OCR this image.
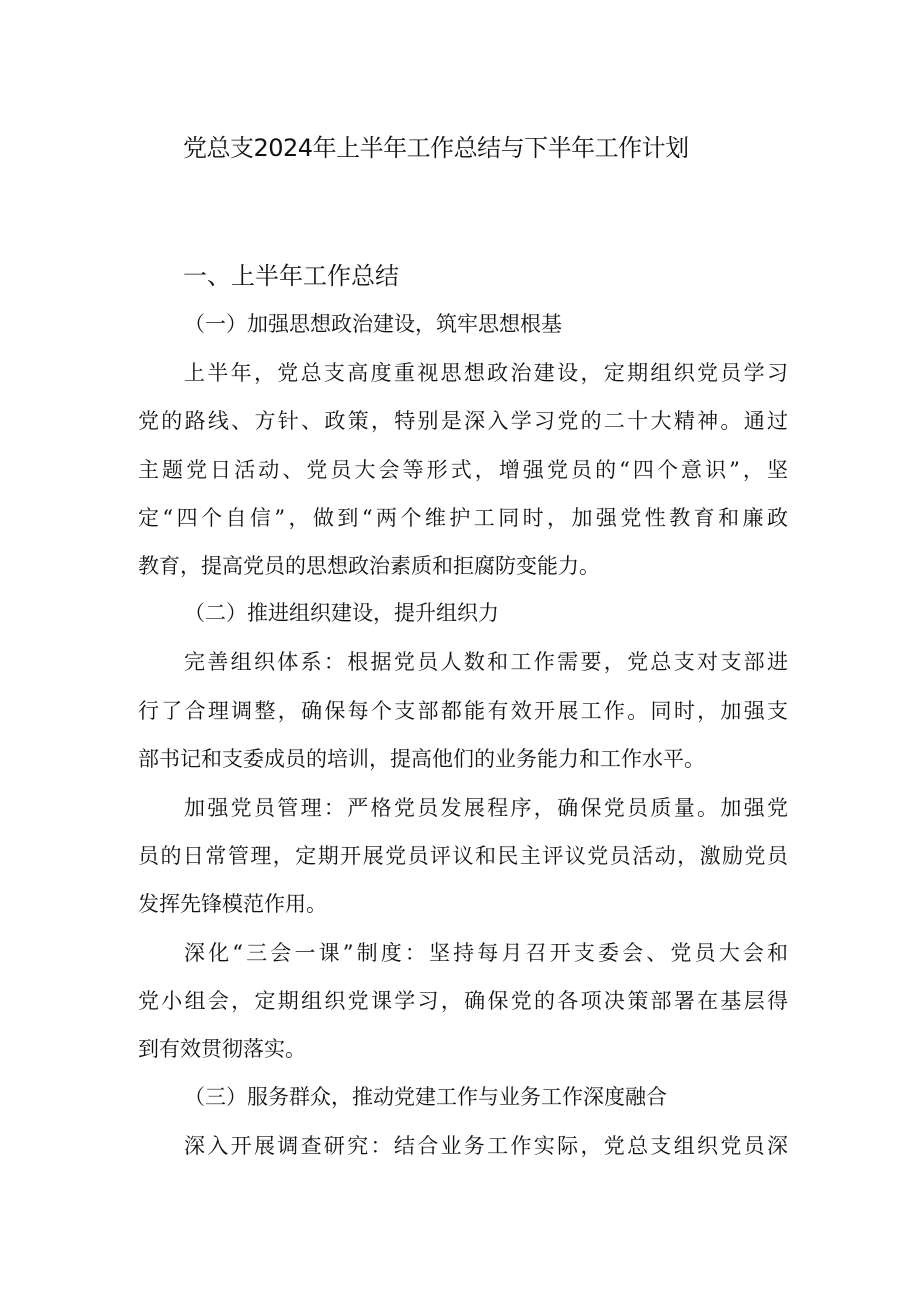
党总支2024年上半年工作总结与下半年工作计划
一、上半年工作总结
（一）加强思想政治建设，筑牢思想根基
上半年，党总支高度重视思想政治建设，定期组织党员学习
党的路线、方针、政策，特别是深入学习党的二十大精神。通过
主题党日活动、党员大会等形式，增强党员的“四个意识”，坚
定“四个自信”，做到“两个维护工同时，加强党性教育和廉政
教育，提高党员的思想政治素质和拒腐防变能力。
（二）推进组织建设，提升组织力
完善组织体系：根据党员人数和工作需要，党总支对支部进
行了合理调整，确保每个支部都能有效开展工作。同时，加强支
部书记和支委成员的培训，提高他们的业务能力和工作水平。
加强党员管理：严格党员发展程序，确保党员质量。加强党
员的日常管理，定期开展党员评议和民主评议党员活动，激励党员
发挥先锋模范作用。
深化“三会一课”制度：坚持每月召开支委会、党员大会和
党小组会，定期组织党课学习，确保党的各项决策部署在基层得
到有效贯彻落实。
（三）服务群众，推动党建工作与业务工作深度融合
深入开展调查研究：结合业务工作实际，党总支组织党员深
